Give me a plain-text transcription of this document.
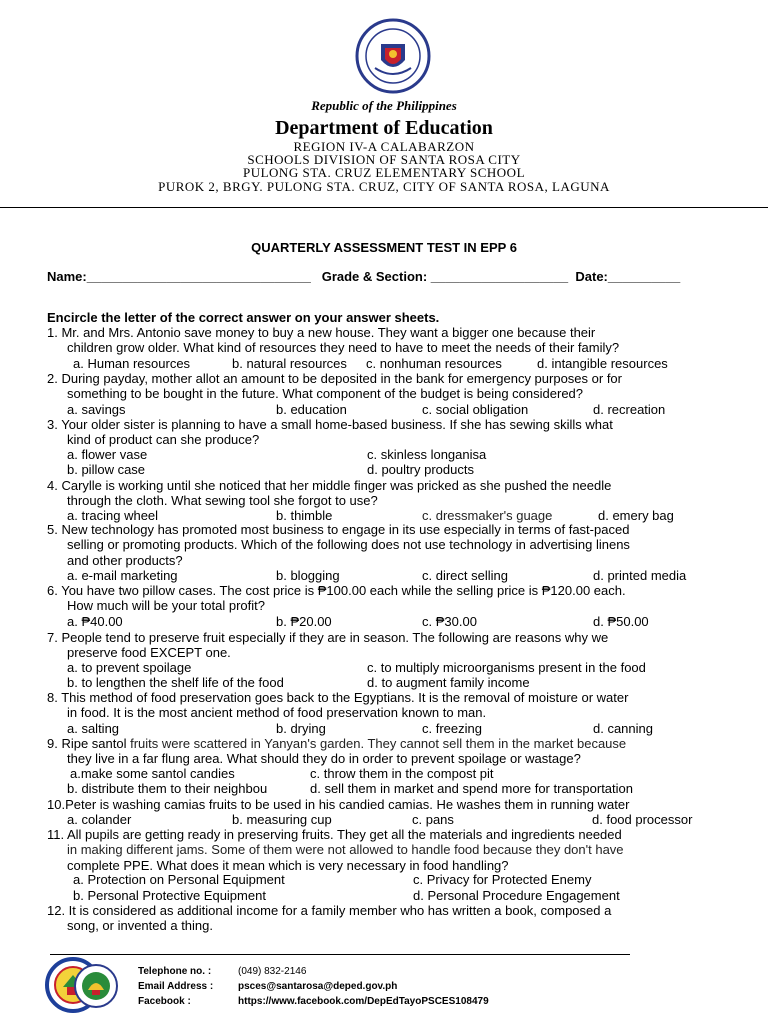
Republic of the Philippines
Department of Education
REGION IV-A CALABARZON
SCHOOLS DIVISION OF SANTA ROSA CITY
PULONG STA. CRUZ ELEMENTARY SCHOOL
PUROK 2, BRGY. PULONG STA. CRUZ, CITY OF SANTA ROSA, LAGUNA
QUARTERLY ASSESSMENT TEST IN EPP 6
Name:_______________________________   Grade & Section: ___________________  Date:__________
Encircle the letter of the correct answer on your answer sheets.
1. Mr. and Mrs. Antonio save money to buy a new house. They want a bigger one because their
children grow older. What kind of resources they need to have to meet the needs of their family?
a. Human resources	b. natural resources c. nonhuman resources	d. intangible resources
2. During payday, mother allot an amount to be deposited in the bank for emergency purposes or for
something to be bought in the future. What component of the budget is being considered?
a. savings	b. education	c. social obligation	d. recreation
3. Your older sister is planning to have a small home-based business. If she has sewing skills what
kind of product can she produce?
a. flower vase	c. skinless longanisa
b. pillow case	d. poultry products
4. Carylle is working until she noticed that her middle finger was pricked as she pushed the needle
through the cloth. What sewing tool she forgot to use?
a. tracing wheel	b. thimble	c. dressmaker's guage	d. emery bag
5. New technology has promoted most business to engage in its use especially in terms of fast-paced
selling or promoting products. Which of the following does not use technology in advertising linens
and other products?
a. e-mail marketing	b. blogging	c. direct selling	d. printed media
6. You have two pillow cases. The cost price is ₱100.00 each while the selling price is ₱120.00 each.
How much will be your total profit?
a. ₱40.00	b. ₱20.00	c. ₱30.00	d. ₱50.00
7. People tend to preserve fruit especially if they are in season. The following are reasons why we
preserve food EXCEPT one.
a. to prevent spoilage	c. to multiply microorganisms present in the food
b. to lengthen the shelf life of the food	d. to augment family income
8. This method of food preservation goes back to the Egyptians. It is the removal of moisture or water
in food. It is the most ancient method of food preservation known to man.
a. salting	b. drying	c. freezing	d. canning
9. Ripe santol fruits were scattered in Yanyan's garden. They cannot sell them in the market because
they live in a far flung area. What should they do in order to prevent spoilage or wastage?
a.make some santol candies	c. throw them in the compost pit
b. distribute them to their neighbou	d. sell them in market and spend more for transportation
10.Peter is washing camias fruits to be used in his candied camias. He washes them in running water
a. colander	b. measuring cup	c. pans	d. food processor
11. All pupils are getting ready in preserving fruits. They get all the materials and ingredients needed
in making different jams. Some of them were not allowed to handle food because they don't have
complete PPE. What does it mean which is very necessary in food handling?
a. Protection on Personal Equipment	c. Privacy for Protected Enemy
b. Personal Protective Equipment	d. Personal Procedure Engagement
12. It is considered as additional income for a family member who has written a book, composed a
song, or invented a thing.
Telephone no. :	(049) 832-2146
Email Address : psces@santarosa@deped.gov.ph
Facebook :	https://www.facebook.com/DepEdTayoPSCES108479
